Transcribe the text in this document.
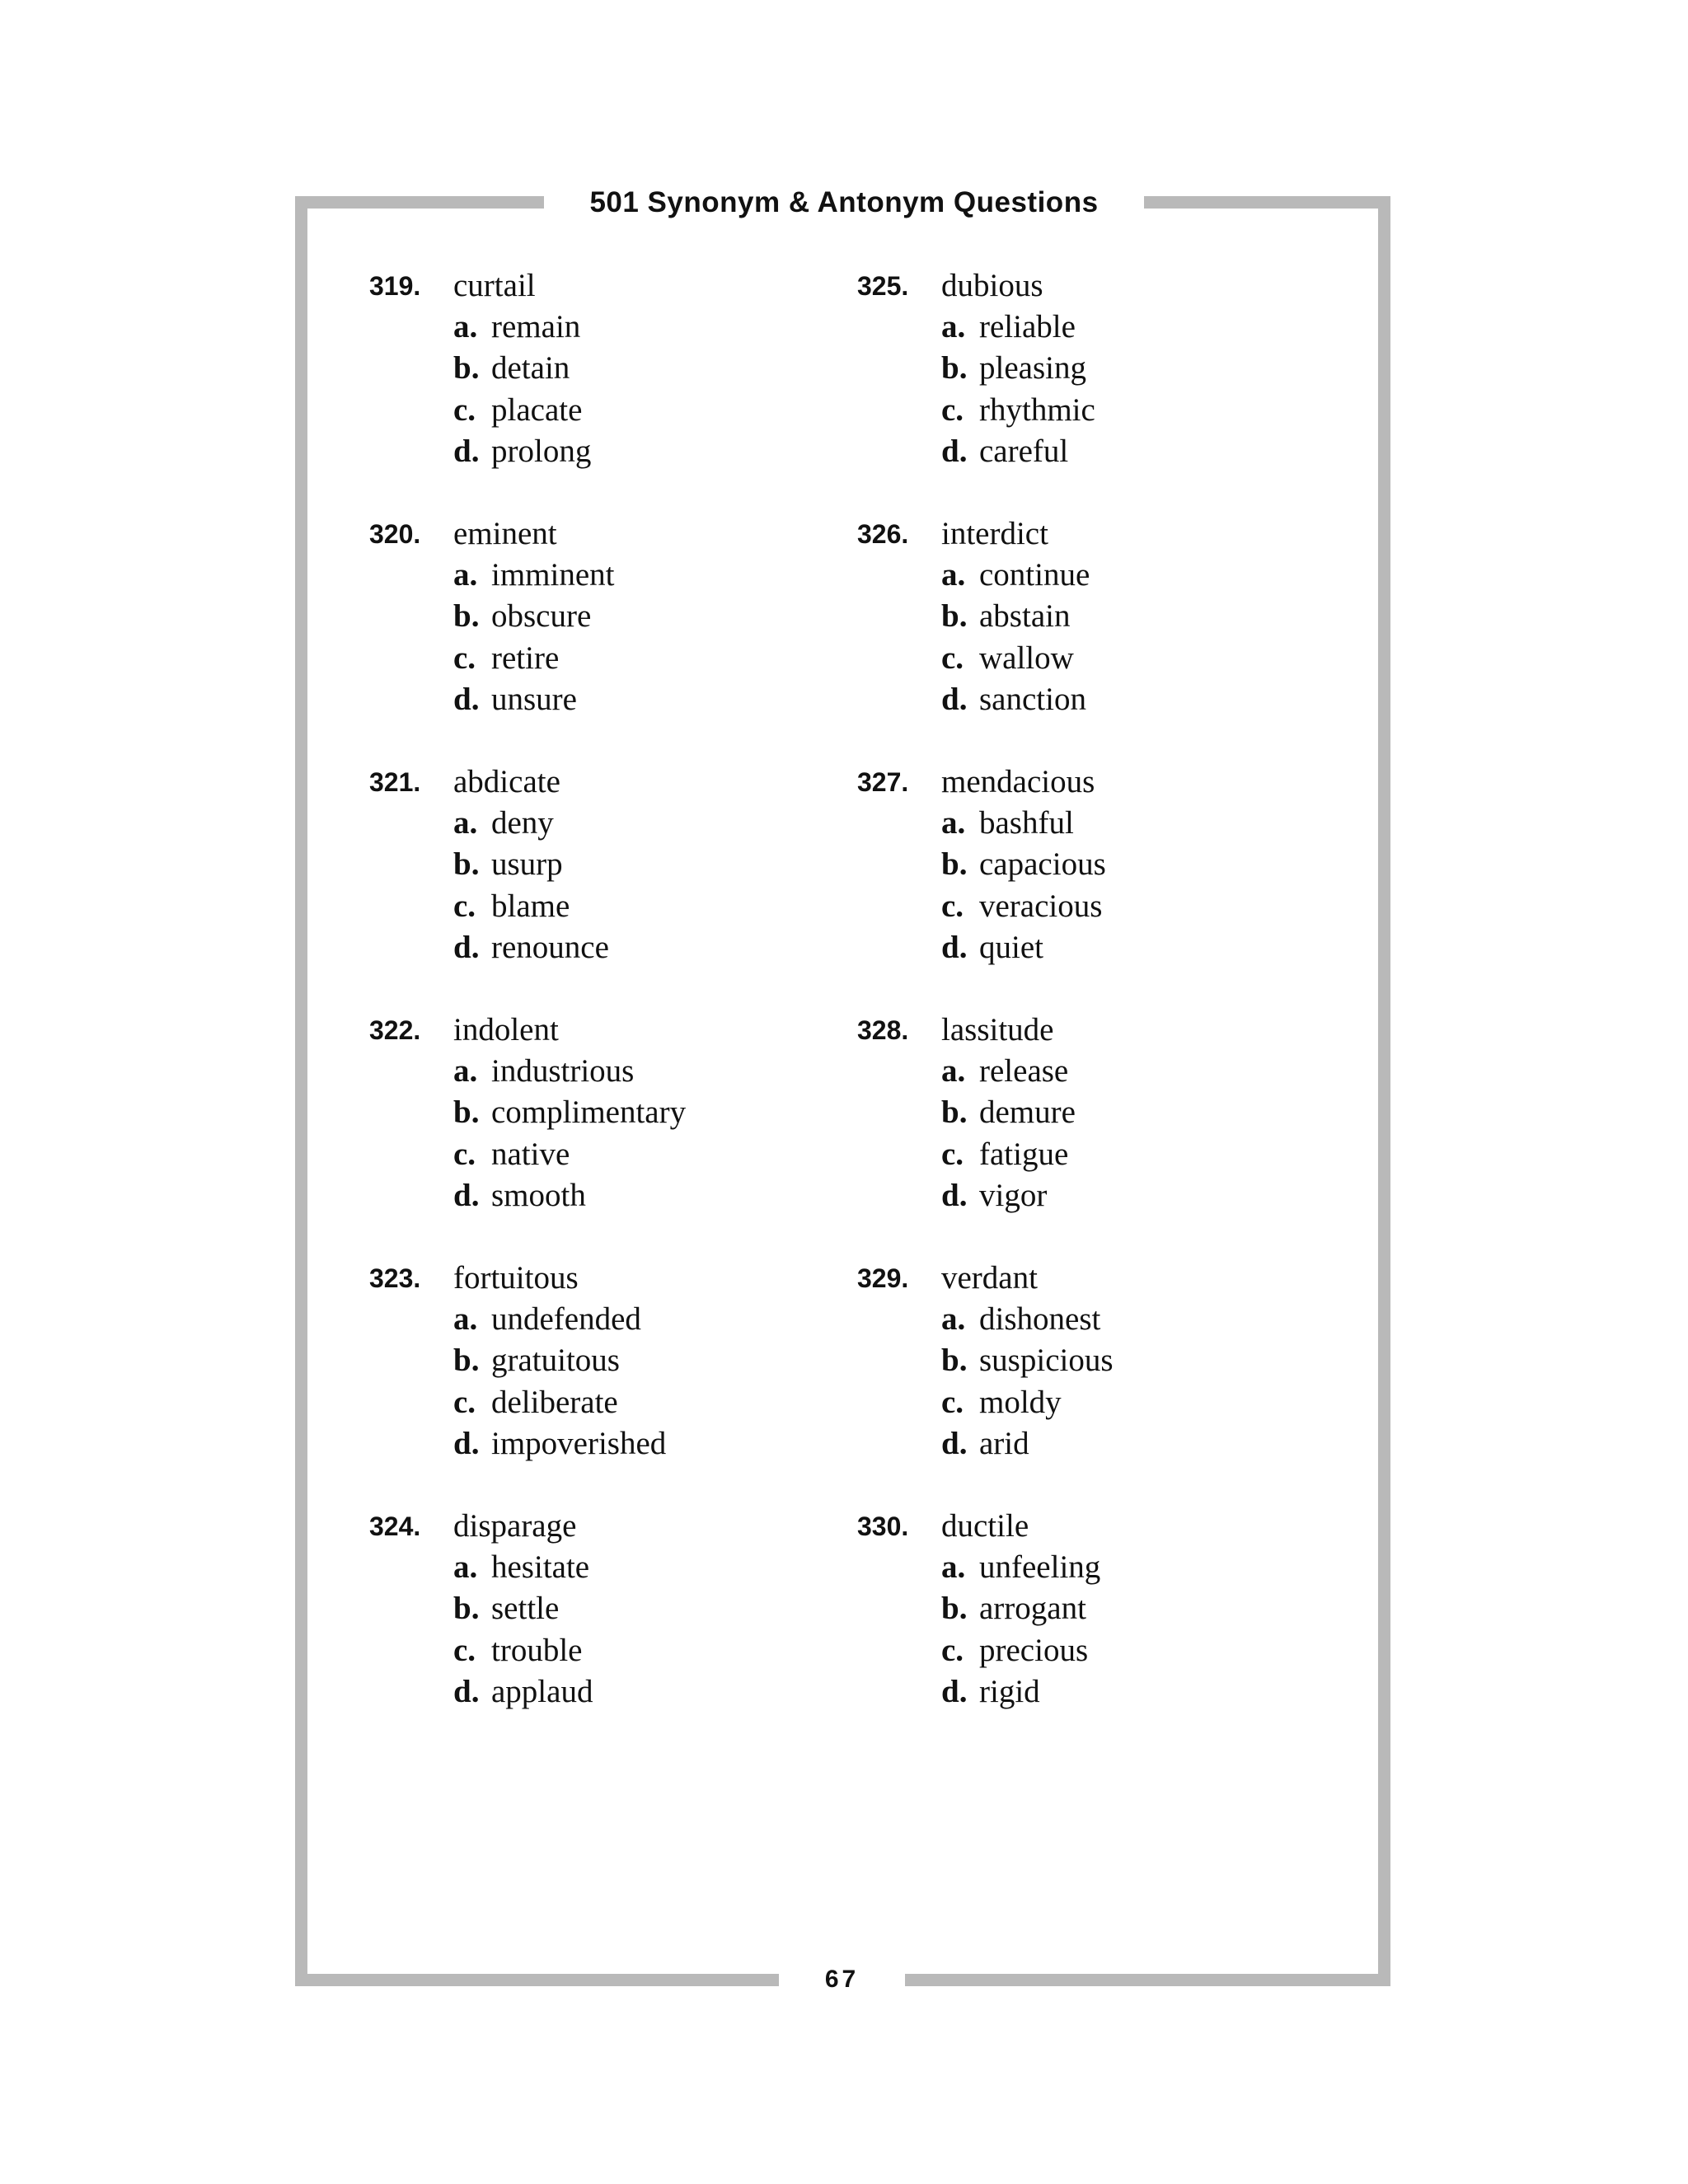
501 Synonym & Antonym Questions
319. curtail
a. remain
b. detain
c. placate
d. prolong
320. eminent
a. imminent
b. obscure
c. retire
d. unsure
321. abdicate
a. deny
b. usurp
c. blame
d. renounce
322. indolent
a. industrious
b. complimentary
c. native
d. smooth
323. fortuitous
a. undefended
b. gratuitous
c. deliberate
d. impoverished
324. disparage
a. hesitate
b. settle
c. trouble
d. applaud
325. dubious
a. reliable
b. pleasing
c. rhythmic
d. careful
326. interdict
a. continue
b. abstain
c. wallow
d. sanction
327. mendacious
a. bashful
b. capacious
c. veracious
d. quiet
328. lassitude
a. release
b. demure
c. fatigue
d. vigor
329. verdant
a. dishonest
b. suspicious
c. moldy
d. arid
330. ductile
a. unfeeling
b. arrogant
c. precious
d. rigid
67
